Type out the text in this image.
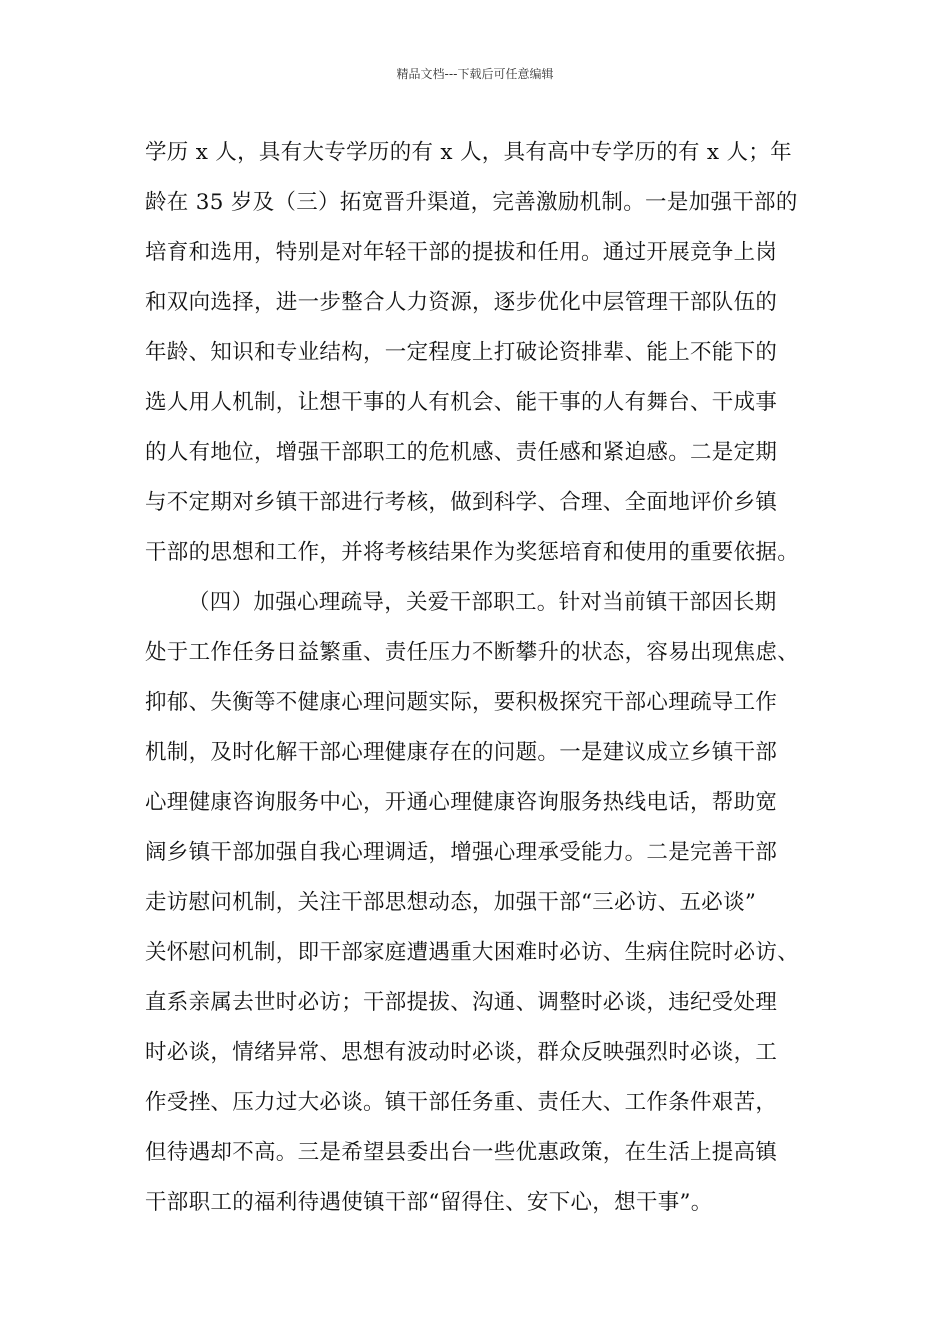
精品文档---下载后可任意编辑
学历 x 人，具有大专学历的有 x 人，具有高中专学历的有 x 人；年
龄在 35 岁及（三）拓宽晋升渠道，完善激励机制。一是加强干部的
培育和选用，特别是对年轻干部的提拔和任用。通过开展竞争上岗
和双向选择，进一步整合人力资源，逐步优化中层管理干部队伍的
年龄、知识和专业结构，一定程度上打破论资排辈、能上不能下的
选人用人机制，让想干事的人有机会、能干事的人有舞台、干成事
的人有地位，增强干部职工的危机感、责任感和紧迫感。二是定期
与不定期对乡镇干部进行考核，做到科学、合理、全面地评价乡镇
干部的思想和工作，并将考核结果作为奖惩培育和使用的重要依据。
（四）加强心理疏导，关爱干部职工。针对当前镇干部因长期
处于工作任务日益繁重、责任压力不断攀升的状态，容易出现焦虑、
抑郁、失衡等不健康心理问题实际，要积极探究干部心理疏导工作
机制，及时化解干部心理健康存在的问题。一是建议成立乡镇干部
心理健康咨询服务中心，开通心理健康咨询服务热线电话，帮助宽
阔乡镇干部加强自我心理调适，增强心理承受能力。二是完善干部
走访慰问机制，关注干部思想动态，加强干部“三必访、五必谈”
关怀慰问机制，即干部家庭遭遇重大困难时必访、生病住院时必访、
直系亲属去世时必访；干部提拔、沟通、调整时必谈，违纪受处理
时必谈，情绪异常、思想有波动时必谈，群众反映强烈时必谈，工
作受挫、压力过大必谈。镇干部任务重、责任大、工作条件艰苦，
但待遇却不高。三是希望县委出台一些优惠政策，在生活上提高镇
干部职工的福利待遇使镇干部“留得住、安下心，想干事”。
